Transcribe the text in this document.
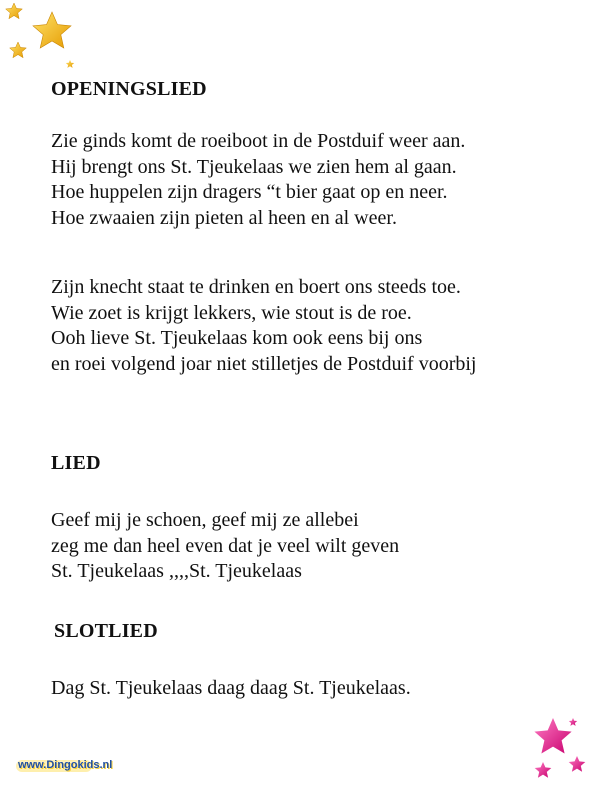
OPENINGSLIED
Zie ginds komt de roeiboot in de Postduif weer aan.
Hij brengt ons St. Tjeukelaas we zien hem al gaan.
Hoe huppelen zijn dragers “t bier gaat op en neer.
Hoe zwaaien zijn pieten al heen en al weer.
Zijn knecht staat te drinken en boert ons steeds toe.
Wie zoet is krijgt lekkers, wie stout is de roe.
Ooh lieve St. Tjeukelaas kom ook eens bij ons
en roei volgend joar niet stilletjes de Postduif voorbij
LIED
Geef mij je schoen, geef mij ze allebei
zeg me dan heel even dat je veel wilt geven
St. Tjeukelaas ,,,,St. Tjeukelaas
SLOTLIED
Dag St. Tjeukelaas daag daag St. Tjeukelaas.
www.Dingokids.nl
